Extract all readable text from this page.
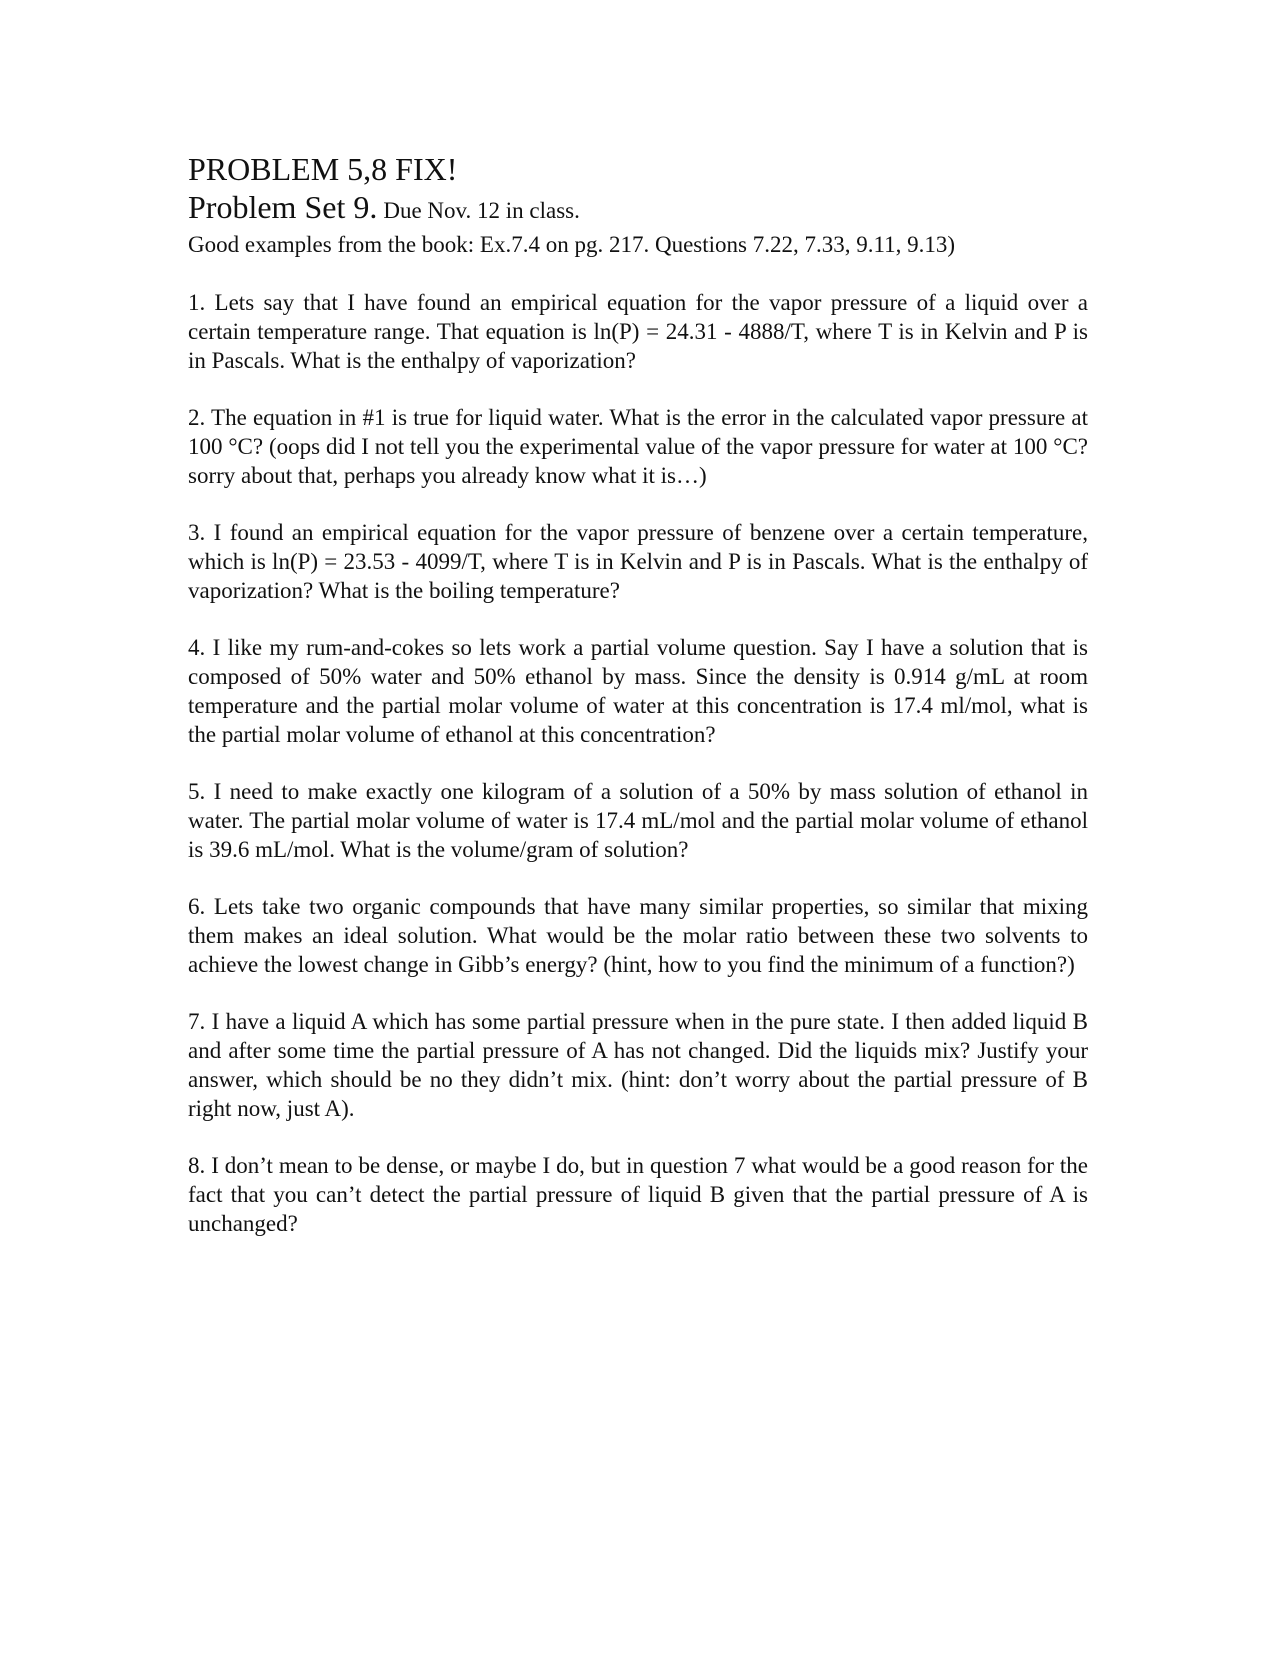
PROBLEM 5,8 FIX!
Problem Set 9. Due Nov. 12 in class.

Good examples from the book: Ex.7.4 on pg. 217. Questions 7.22, 7.33, 9.11, 9.13)

1. Lets say that I have found an empirical equation for the vapor pressure of a liquid over a certain temperature range. That equation is ln(P) = 24.31 - 4888/T, where T is in Kelvin and P is in Pascals. What is the enthalpy of vaporization?

2. The equation in #1 is true for liquid water. What is the error in the calculated vapor pressure at 100 °C? (oops did I not tell you the experimental value of the vapor pressure for water at 100 °C? sorry about that, perhaps you already know what it is…)

3. I found an empirical equation for the vapor pressure of benzene over a certain temperature, which is ln(P) = 23.53 - 4099/T, where T is in Kelvin and P is in Pascals. What is the enthalpy of vaporization? What is the boiling temperature?

4. I like my rum-and-cokes so lets work a partial volume question. Say I have a solution that is composed of 50% water and 50% ethanol by mass. Since the density is 0.914 g/mL at room temperature and the partial molar volume of water at this concentration is 17.4 ml/mol, what is the partial molar volume of ethanol at this concentration?

5. I need to make exactly one kilogram of a solution of a 50% by mass solution of ethanol in water. The partial molar volume of water is 17.4 mL/mol and the partial molar volume of ethanol is 39.6 mL/mol. What is the volume/gram of solution?

6. Lets take two organic compounds that have many similar properties, so similar that mixing them makes an ideal solution. What would be the molar ratio between these two solvents to achieve the lowest change in Gibb’s energy? (hint, how to you find the minimum of a function?)

7. I have a liquid A which has some partial pressure when in the pure state. I then added liquid B and after some time the partial pressure of A has not changed. Did the liquids mix? Justify your answer, which should be no they didn’t mix. (hint: don’t worry about the partial pressure of B right now, just A).

8. I don’t mean to be dense, or maybe I do, but in question 7 what would be a good reason for the fact that you can’t detect the partial pressure of liquid B given that the partial pressure of A is unchanged?
